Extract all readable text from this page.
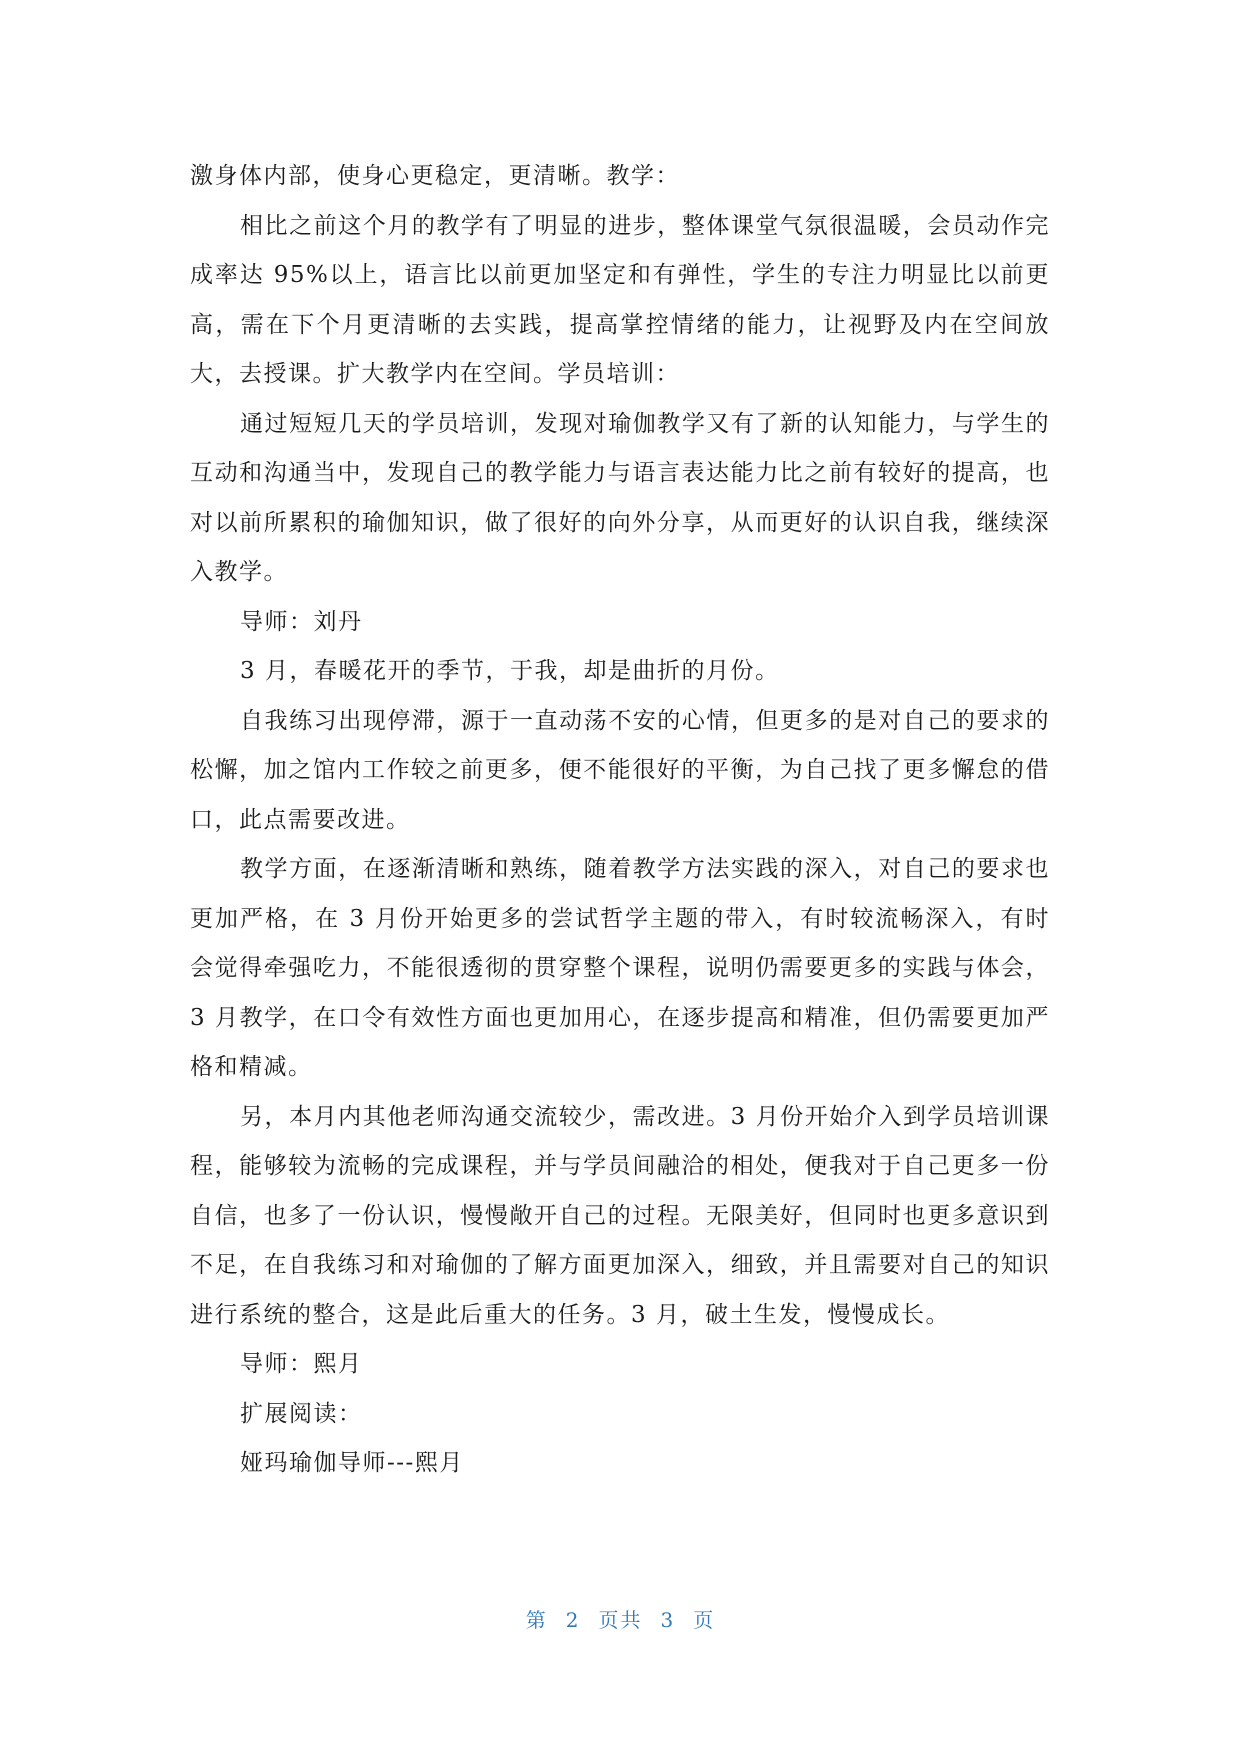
激身体内部，使身心更稳定，更清晰。教学：

相比之前这个月的教学有了明显的进步，整体课堂气氛很温暖，会员动作完成率达 95%以上，语言比以前更加坚定和有弹性，学生的专注力明显比以前更高，需在下个月更清晰的去实践，提高掌控情绪的能力，让视野及内在空间放大，去授课。扩大教学内在空间。学员培训：

通过短短几天的学员培训，发现对瑜伽教学又有了新的认知能力，与学生的互动和沟通当中，发现自己的教学能力与语言表达能力比之前有较好的提高，也对以前所累积的瑜伽知识，做了很好的向外分享，从而更好的认识自我，继续深入教学。

导师：刘丹

3 月，春暖花开的季节，于我，却是曲折的月份。

自我练习出现停滞，源于一直动荡不安的心情，但更多的是对自己的要求的松懈，加之馆内工作较之前更多，便不能很好的平衡，为自己找了更多懈怠的借口，此点需要改进。

教学方面，在逐渐清晰和熟练，随着教学方法实践的深入，对自己的要求也更加严格，在 3 月份开始更多的尝试哲学主题的带入，有时较流畅深入，有时会觉得牵强吃力，不能很透彻的贯穿整个课程，说明仍需要更多的实践与体会，3 月教学，在口令有效性方面也更加用心，在逐步提高和精准，但仍需要更加严格和精减。

另，本月内其他老师沟通交流较少，需改进。3 月份开始介入到学员培训课程，能够较为流畅的完成课程，并与学员间融洽的相处，便我对于自己更多一份自信，也多了一份认识，慢慢敞开自己的过程。无限美好，但同时也更多意识到不足，在自我练习和对瑜伽的了解方面更加深入，细致，并且需要对自己的知识进行系统的整合，这是此后重大的任务。3 月，破土生发，慢慢成长。

导师：熙月

扩展阅读：

娅玛瑜伽导师---熙月

第 2 页共 3 页
